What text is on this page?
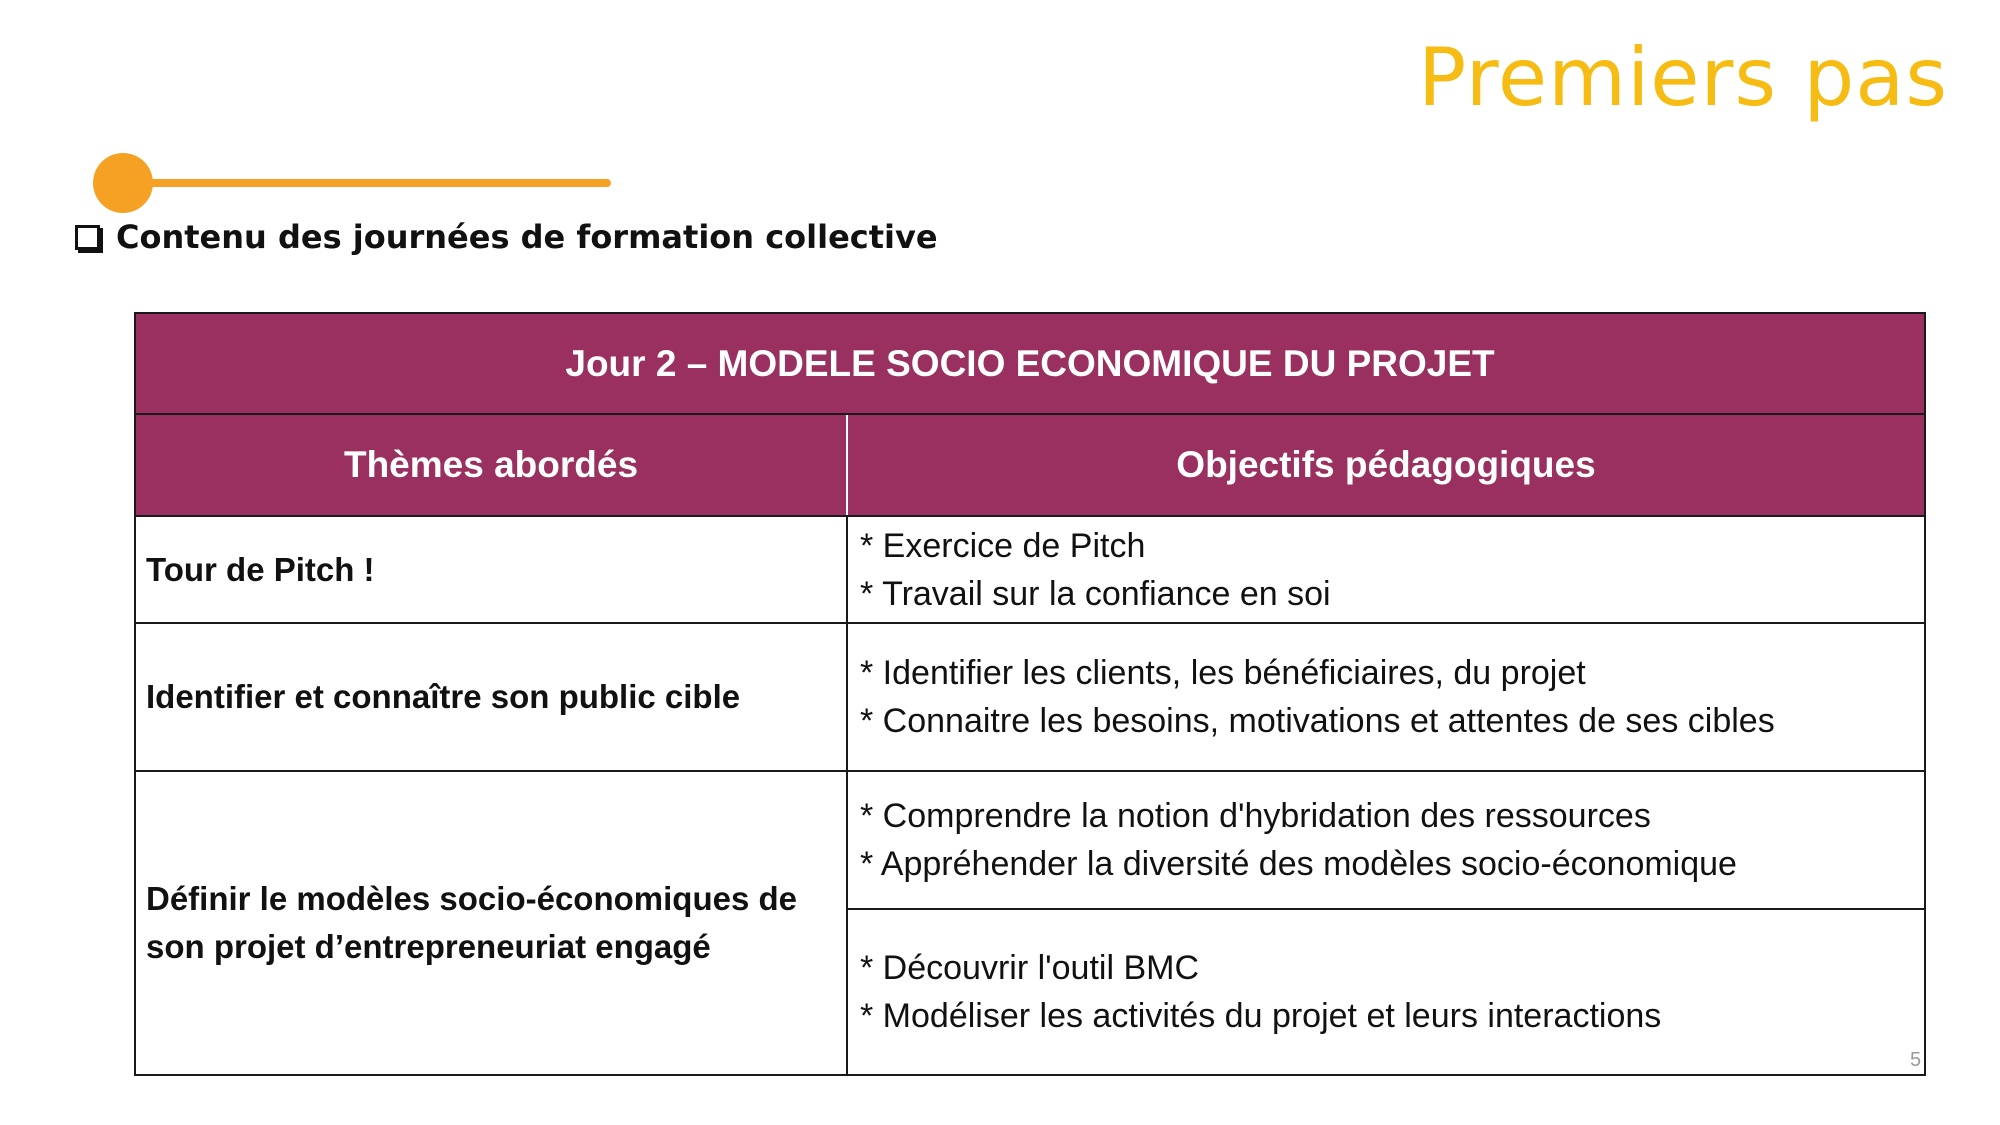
Premiers pas
Contenu des journées de formation collective
Jour 2 – MODELE SOCIO ECONOMIQUE DU PROJET	
Thèmes abordés	Objectifs pédagogiques
Tour de Pitch !	* Exercice de Pitch
* Travail sur la confiance en soi

Identifier et connaître son public cible	* Identifier les clients, les bénéficiaires, du projet
* Connaitre les besoins, motivations et attentes de ses cibles

Définir le modèles socio-économiques de son projet d’entrepreneuriat engagé	* Comprendre la notion d'hybridation des ressources
* Appréhender la diversité des modèles socio-économique

	* Découvrir l'outil BMC
* Modéliser les activités du projet et leurs interactions
5
